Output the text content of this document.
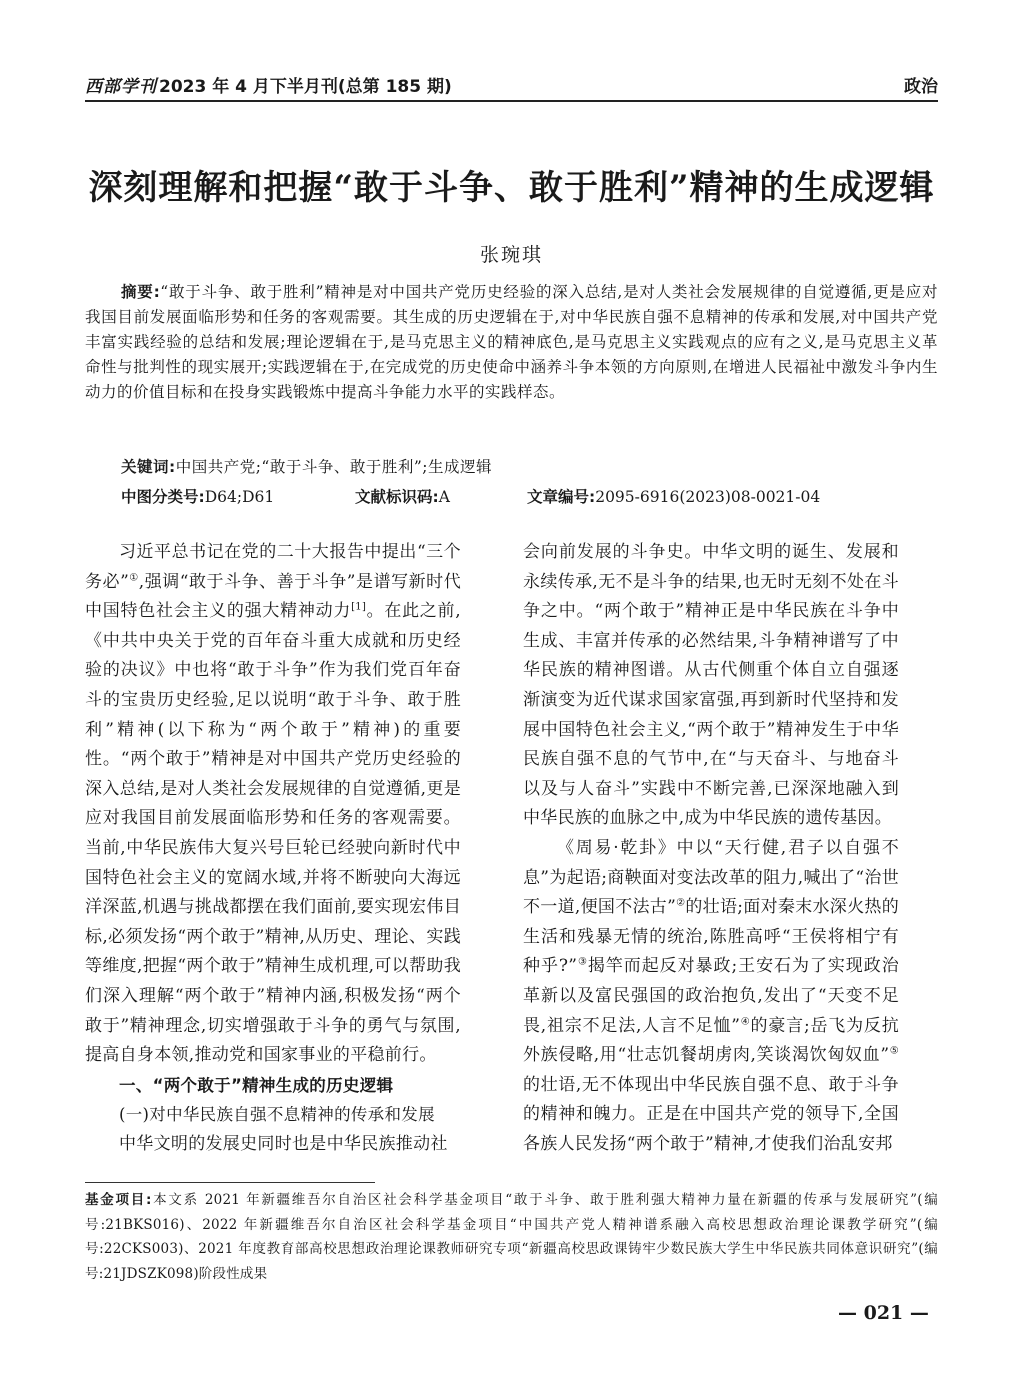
西部学刊 2023 年 4 月下半月刊(总第 185 期)	政治
深刻理解和把握“敢于斗争、敢于胜利”精神的生成逻辑
张琬琪
摘要:“敢于斗争、敢于胜利”精神是对中国共产党历史经验的深入总结,是对人类社会发展规律的自觉遵循,更是应对我国目前发展面临形势和任务的客观需要。其生成的历史逻辑在于,对中华民族自强不息精神的传承和发展,对中国共产党丰富实践经验的总结和发展;理论逻辑在于,是马克思主义的精神底色,是马克思主义实践观点的应有之义,是马克思主义革命性与批判性的现实展开;实践逻辑在于,在完成党的历史使命中涵养斗争本领的方向原则,在增进人民福祉中激发斗争内生动力的价值目标和在投身实践锻炼中提高斗争能力水平的实践样态。
关键词:中国共产党;“敢于斗争、敢于胜利”;生成逻辑
中图分类号:D64;D61	文献标识码:A	文章编号:2095-6916(2023)08-0021-04

习近平总书记在党的二十大报告中提出“三个务必”①,强调“敢于斗争、善于斗争”是谱写新时代中国特色社会主义的强大精神动力[1]。在此之前,《中共中央关于党的百年奋斗重大成就和历史经验的决议》中也将“敢于斗争”作为我们党百年奋斗的宝贵历史经验,足以说明“敢于斗争、敢于胜利”精神(以下称为“两个敢于”精神)的重要性。“两个敢于”精神是对中国共产党历史经验的深入总结,是对人类社会发展规律的自觉遵循,更是应对我国目前发展面临形势和任务的客观需要。当前,中华民族伟大复兴号巨轮已经驶向新时代中国特色社会主义的宽阔水域,并将不断驶向大海远洋深蓝,机遇与挑战都摆在我们面前,要实现宏伟目标,必须发扬“两个敢于”精神,从历史、理论、实践等维度,把握“两个敢于”精神生成机理,可以帮助我们深入理解“两个敢于”精神内涵,积极发扬“两个敢于”精神理念,切实增强敢于斗争的勇气与氛围,提高自身本领,推动党和国家事业的平稳前行。

一、“两个敢于”精神生成的历史逻辑

(一)对中华民族自强不息精神的传承和发展

中华文明的发展史同时也是中华民族推动社

会向前发展的斗争史。中华文明的诞生、发展和永续传承,无不是斗争的结果,也无时无刻不处在斗争之中。“两个敢于”精神正是中华民族在斗争中生成、丰富并传承的必然结果,斗争精神谱写了中华民族的精神图谱。从古代侧重个体自立自强逐渐演变为近代谋求国家富强,再到新时代坚持和发展中国特色社会主义,“两个敢于”精神发生于中华民族自强不息的气节中,在“与天奋斗、与地奋斗以及与人奋斗”实践中不断完善,已深深地融入到中华民族的血脉之中,成为中华民族的遗传基因。

《周易·乾卦》中以“天行健,君子以自强不息”为起语;商鞅面对变法改革的阻力,喊出了“治世不一道,便国不法古”②的壮语;面对秦末水深火热的生活和残暴无情的统治,陈胜高呼“王侯将相宁有种乎?”③揭竿而起反对暴政;王安石为了实现政治革新以及富民强国的政治抱负,发出了“天变不足畏,祖宗不足法,人言不足恤”④的豪言;岳飞为反抗外族侵略,用“壮志饥餐胡虏肉,笑谈渴饮匈奴血”⑤的壮语,无不体现出中华民族自强不息、敢于斗争的精神和魄力。正是在中国共产党的领导下,全国各族人民发扬“两个敢于”精神,才使我们治乱安邦

基金项目:本文系 2021 年新疆维吾尔自治区社会科学基金项目“敢于斗争、敢于胜利强大精神力量在新疆的传承与发展研究”(编号:21BKS016)、2022 年新疆维吾尔自治区社会科学基金项目“中国共产党人精神谱系融入高校思想政治理论课教学研究”(编号:22CKS003)、2021 年度教育部高校思想政治理论课教师研究专项“新疆高校思政课铸牢少数民族大学生中华民族共同体意识研究”(编号:21JDSZK098)阶段性成果
— 021 —
